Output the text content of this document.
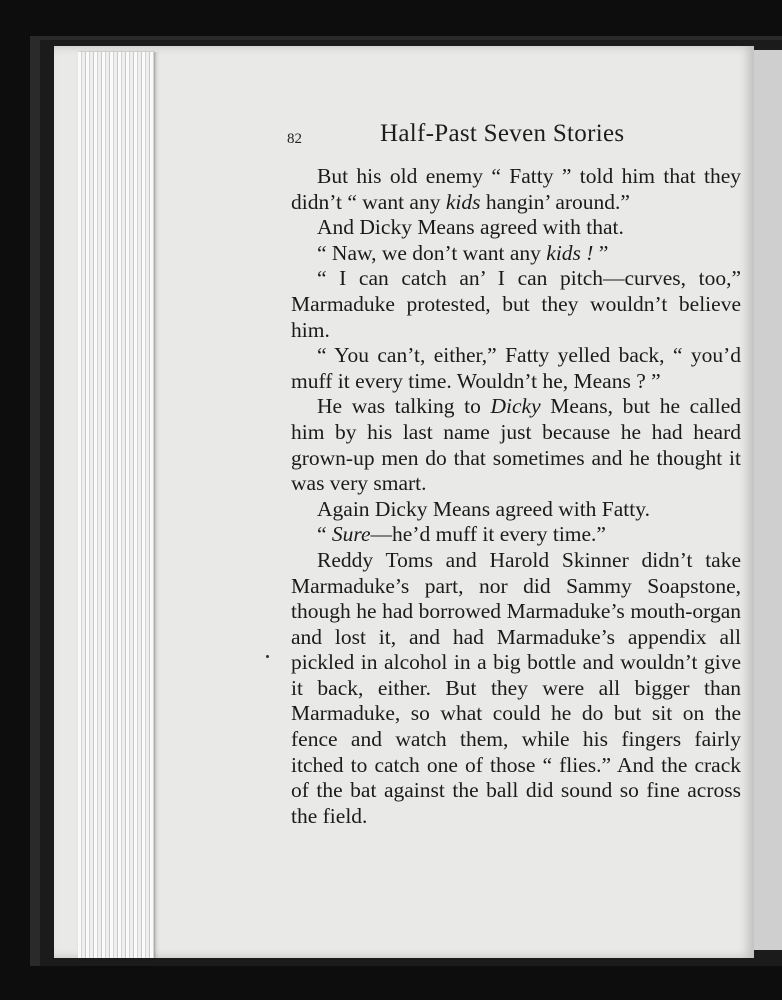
82	Half-Past Seven Stories

But his old enemy “ Fatty ” told him that they didn’t “ want any kids hangin’ around.”

And Dicky Means agreed with that.

“ Naw, we don’t want any kids ! ”

“ I can catch an’ I can pitch—curves, too,” Marmaduke protested, but they wouldn’t believe him.

“ You can’t, either,” Fatty yelled back, “ you’d muff it every time. Wouldn’t he, Means ? ”

He was talking to Dicky Means, but he called him by his last name just because he had heard grown-up men do that sometimes and he thought it was very smart.

Again Dicky Means agreed with Fatty.

“ Sure—he’d muff it every time.”

Reddy Toms and Harold Skinner didn’t take Marmaduke’s part, nor did Sammy Soapstone, though he had borrowed Marmaduke’s mouth-organ and lost it, and had Marmaduke’s appendix all pickled in alcohol in a big bottle and wouldn’t give it back, either. But they were all bigger than Marmaduke, so what could he do but sit on the fence and watch them, while his fingers fairly itched to catch one of those “ flies.” And the crack of the bat against the ball did sound so fine across the field.
